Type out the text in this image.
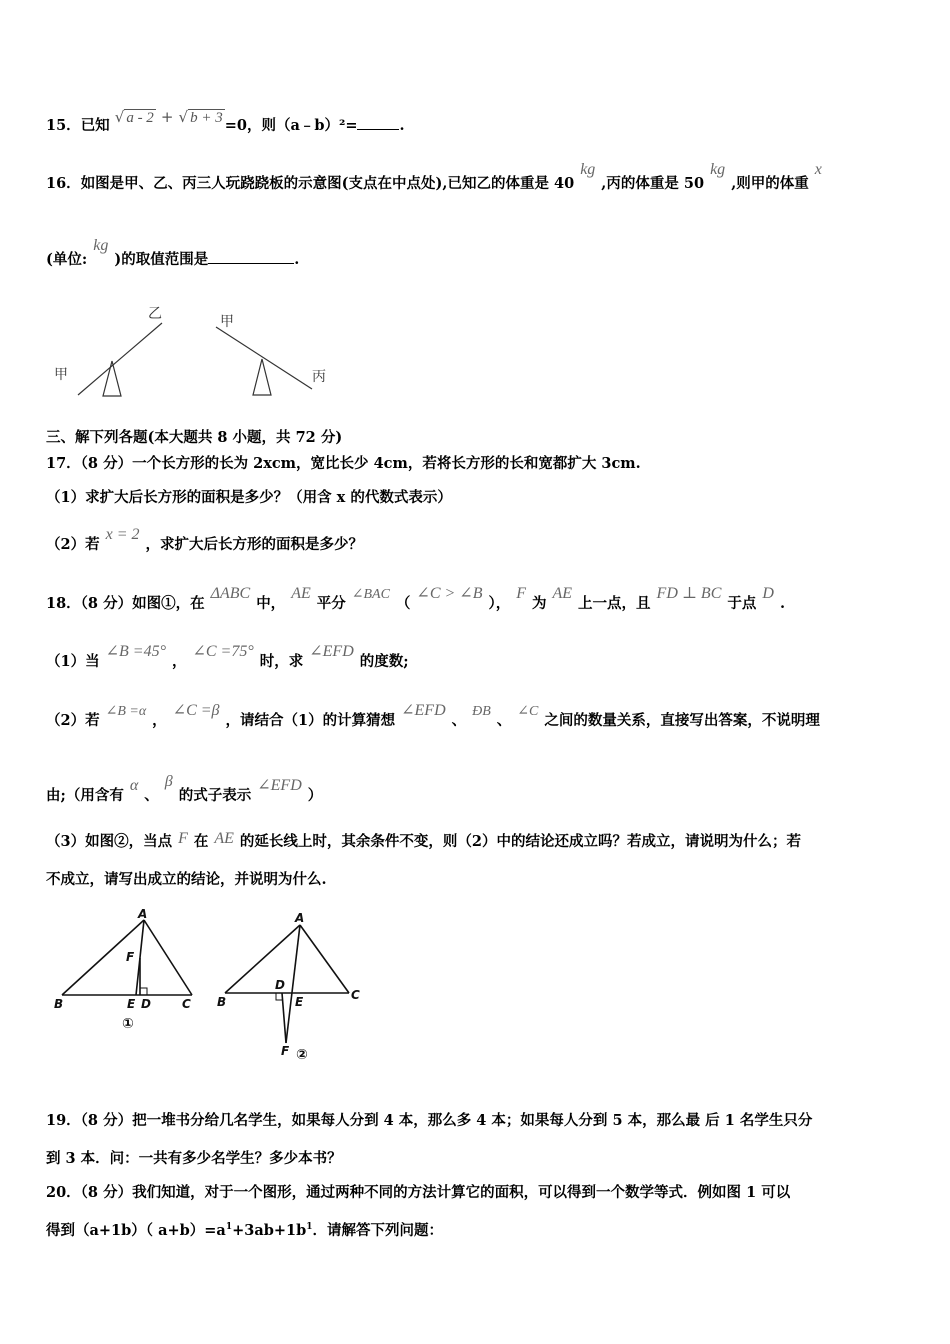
15．已知 √ a - 2 + √ b + 3 =0，则（a﹣b）²=	.
16．如图是甲、乙、丙三人玩跷跷板的示意图(支点在中点处),已知乙的体重是 40kg,丙的体重是 50kg,则甲的体重x
(单位:kg)的取值范围是	.
乙
甲
甲
丙
三、解下列各题(本大题共 8 小题，共 72 分)
17．（8 分）一个长方形的长为 2xcm，宽比长少 4cm，若将长方形的长和宽都扩大 3cm.
（1）求扩大后长方形的面积是多少？（用含 x 的代数式表示）
（2）若x = 2，求扩大后长方形的面积是多少？
18．（8 分）如图①，在ΔABC中，AE平分∠BAC（∠C > ∠B），F为AE上一点，且FD ⊥ BC于点D.
（1）当∠B =45°，∠C =75°时，求∠EFD的度数;
（2）若∠B =α，∠C =β，请结合（1）的计算猜想∠EFD、ÐB、∠C之间的数量关系，直接写出答案，不说明理
由;（用含有α、β的式子表示∠EFD）
（3）如图②，当点 F 在 AE 的延长线上时，其余条件不变，则（2）中的结论还成立吗？若成立，请说明为什么；若
不成立，请写出成立的结论，并说明为什么.
A
F
B	E D	C
①
A
D
B	E	C
F ②
19．（8 分）把一堆书分给几名学生，如果每人分到 4 本，那么多 4 本；如果每人分到 5 本，那么最 后 1 名学生只分
到 3 本．问：一共有多少名学生？多少本书？
20．（8 分）我们知道，对于一个图形，通过两种不同的方法计算它的面积，可以得到一个数学等式．例如图 1 可以
得到（a+1b）（ $a+b)=a^1+3ab+1b^1$．请解答下列问题：
